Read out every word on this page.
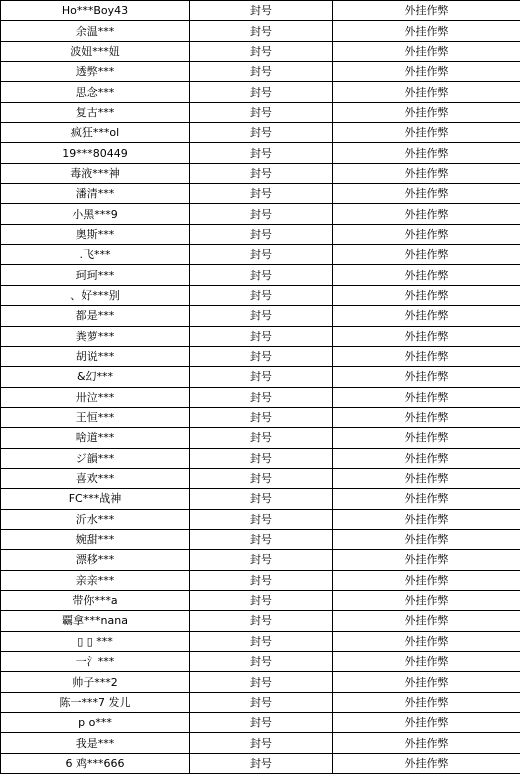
Ho***Boy43	封号	外挂作弊
余温***	封号	外挂作弊
波妞***妞	封号	外挂作弊
透弊***	封号	外挂作弊
思念***	封号	外挂作弊
复古***	封号	外挂作弊
疯狂***ol	封号	外挂作弊
19***80449	封号	外挂作弊
毒液***神	封号	外挂作弊
潘清***	封号	外挂作弊
小黑***9	封号	外挂作弊
奥斯***	封号	外挂作弊
.飞***	封号	外挂作弊
珂珂***	封号	外挂作弊
、好***别	封号	外挂作弊
都是***	封号	外挂作弊
粪萝***	封号	外挂作弊
胡说***	封号	外挂作弊
&幻***	封号	外挂作弊
卅泣***	封号	外挂作弊
王恒***	封号	外挂作弊
啥道***	封号	外挂作弊
ジ韻***	封号	外挂作弊
喜欢***	封号	外挂作弊
FC***战神	封号	外挂作弊
沂水***	封号	外挂作弊
婉甜***	封号	外挂作弊
漂移***	封号	外挂作弊
亲亲***	封号	外挂作弊
带你***a	封号	外挂作弊
覊拿***nana	封号	外挂作弊
▯ ▯ ***	封号	外挂作弊
一氵***	封号	外挂作弊
帅子***2	封号	外挂作弊
陈一***7 发儿	封号	外挂作弊
p o***	封号	外挂作弊
我是***	封号	外挂作弊
6 鸡***666	封号	外挂作弊
